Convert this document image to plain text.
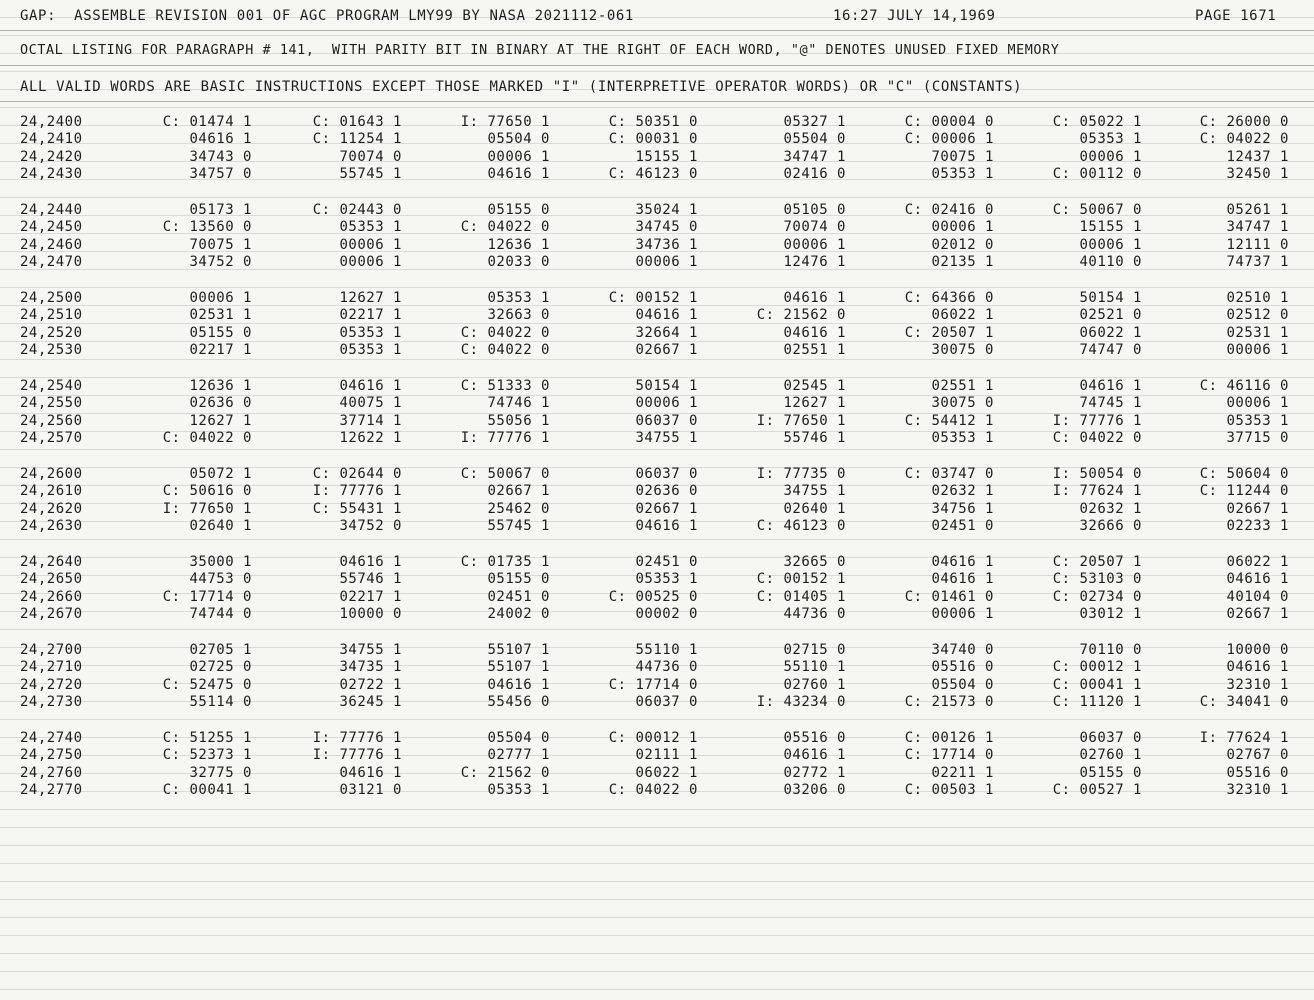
GAP:  ASSEMBLE REVISION 001 OF AGC PROGRAM LMY99 BY NASA 2021112-061

	16:27 JULY 14,1969

	PAGE 1671

OCTAL LISTING FOR PARAGRAPH # 141,  WITH PARITY BIT IN BINARY AT THE RIGHT OF EACH WORD, "@" DENOTES UNUSED FIXED MEMORY

ALL VALID WORDS ARE BASIC INSTRUCTIONS EXCEPT THOSE MARKED "I" (INTERPRETIVE OPERATOR WORDS) OR "C" (CONSTANTS)

24,2400	C: 01474 1	C: 01643 1	I: 77650 1	C: 50351 0	05327 1	C: 00004 0	C: 05022 1	C: 26000 0
24,2410	04616 1	C: 11254 1	05504 0	C: 00031 0	05504 0	C: 00006 1	05353 1	C: 04022 0
24,2420	34743 0	70074 0	00006 1	15155 1	34747 1	70075 1	00006 1	12437 1
24,2430	34757 0	55745 1	04616 1	C: 46123 0	02416 0	05353 1	C: 00112 0	32450 1
24,2440	05173 1	C: 02443 0	05155 0	35024 1	05105 0	C: 02416 0	C: 50067 0	05261 1
24,2450	C: 13560 0	05353 1	C: 04022 0	34745 0	70074 0	00006 1	15155 1	34747 1
24,2460	70075 1	00006 1	12636 1	34736 1	00006 1	02012 0	00006 1	12111 0
24,2470	34752 0	00006 1	02033 0	00006 1	12476 1	02135 1	40110 0	74737 1
24,2500	00006 1	12627 1	05353 1	C: 00152 1	04616 1	C: 64366 0	50154 1	02510 1
24,2510	02531 1	02217 1	32663 0	04616 1	C: 21562 0	06022 1	02521 0	02512 0
24,2520	05155 0	05353 1	C: 04022 0	32664 1	04616 1	C: 20507 1	06022 1	02531 1
24,2530	02217 1	05353 1	C: 04022 0	02667 1	02551 1	30075 0	74747 0	00006 1
24,2540	12636 1	04616 1	C: 51333 0	50154 1	02545 1	02551 1	04616 1	C: 46116 0
24,2550	02636 0	40075 1	74746 1	00006 1	12627 1	30075 0	74745 1	00006 1
24,2560	12627 1	37714 1	55056 1	06037 0	I: 77650 1	C: 54412 1	I: 77776 1	05353 1
24,2570	C: 04022 0	12622 1	I: 77776 1	34755 1	55746 1	05353 1	C: 04022 0	37715 0
24,2600	05072 1	C: 02644 0	C: 50067 0	06037 0	I: 77735 0	C: 03747 0	I: 50054 0	C: 50604 0
24,2610	C: 50616 0	I: 77776 1	02667 1	02636 0	34755 1	02632 1	I: 77624 1	C: 11244 0
24,2620	I: 77650 1	C: 55431 1	25462 0	02667 1	02640 1	34756 1	02632 1	02667 1
24,2630	02640 1	34752 0	55745 1	04616 1	C: 46123 0	02451 0	32666 0	02233 1
24,2640	35000 1	04616 1	C: 01735 1	02451 0	32665 0	04616 1	C: 20507 1	06022 1
24,2650	44753 0	55746 1	05155 0	05353 1	C: 00152 1	04616 1	C: 53103 0	04616 1
24,2660	C: 17714 0	02217 1	02451 0	C: 00525 0	C: 01405 1	C: 01461 0	C: 02734 0	40104 0
24,2670	74744 0	10000 0	24002 0	00002 0	44736 0	00006 1	03012 1	02667 1
24,2700	02705 1	34755 1	55107 1	55110 1	02715 0	34740 0	70110 0	10000 0
24,2710	02725 0	34735 1	55107 1	44736 0	55110 1	05516 0	C: 00012 1	04616 1
24,2720	C: 52475 0	02722 1	04616 1	C: 17714 0	02760 1	05504 0	C: 00041 1	32310 1
24,2730	55114 0	36245 1	55456 0	06037 0	I: 43234 0	C: 21573 0	C: 11120 1	C: 34041 0
24,2740	C: 51255 1	I: 77776 1	05504 0	C: 00012 1	05516 0	C: 00126 1	06037 0	I: 77624 1
24,2750	C: 52373 1	I: 77776 1	02777 1	02111 1	04616 1	C: 17714 0	02760 1	02767 0
24,2760	32775 0	04616 1	C: 21562 0	06022 1	02772 1	02211 1	05155 0	05516 0
24,2770	C: 00041 1	03121 0	05353 1	C: 04022 0	03206 0	C: 00503 1	C: 00527 1	32310 1
